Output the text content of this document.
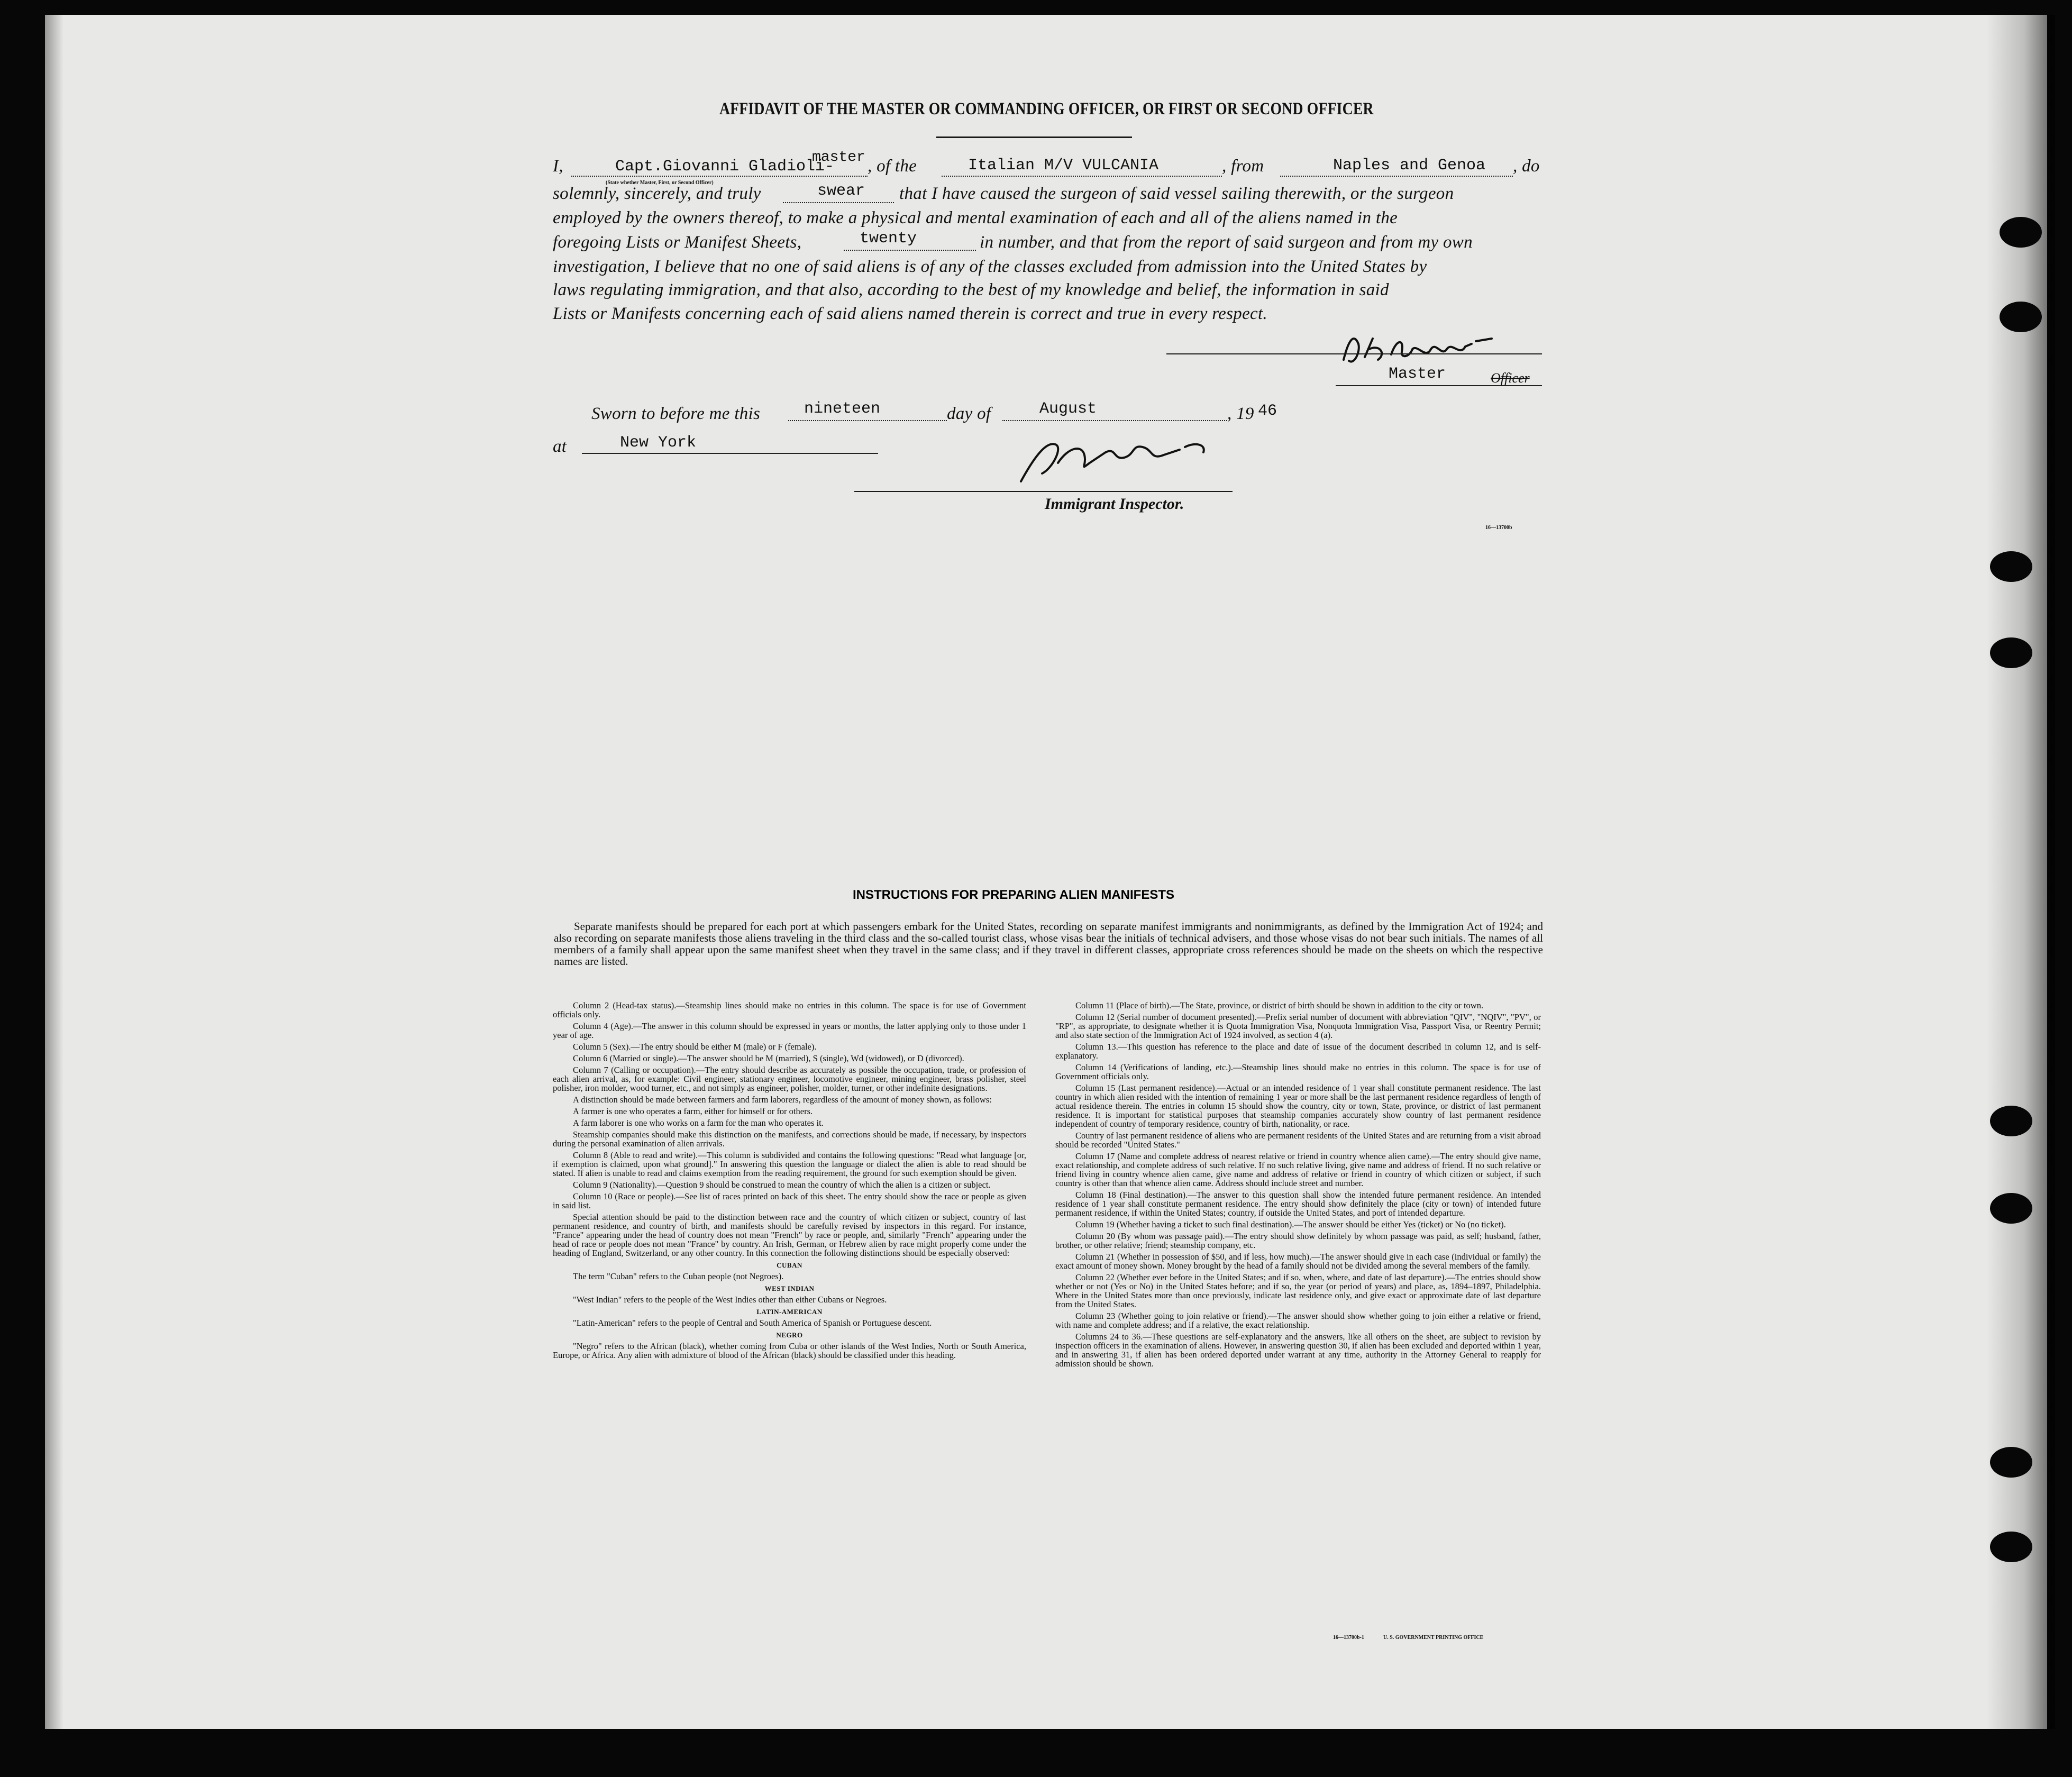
AFFIDAVIT OF THE MASTER OR COMMANDING OFFICER, OR FIRST OR SECOND OFFICER
I,	Capt.Giovanni Gladioli-
master
(State whether Master, First, or Second Officer)
, of the	Italian M/V VULCANIA	, from	Naples and Genoa , do
solemnly, sincerely, and truly	swear that I have caused the surgeon of said vessel sailing therewith, or the surgeon
employed by the owners thereof, to make a physical and mental examination of each and all of the aliens named in the
foregoing Lists or Manifest Sheets,	twenty	in number, and that from the report of said surgeon and from my own
investigation, I believe that no one of said aliens is of any of the classes excluded from admission into the United States by
laws regulating immigration, and that also, according to the best of my knowledge and belief, the information in said
Lists or Manifests concerning each of said aliens named therein is correct and true in every respect.
Master	Officer
Sworn to before me this	nineteen	day of	August	, 19 46
at	New York
Immigrant Inspector.
16—13700b
INSTRUCTIONS FOR PREPARING ALIEN MANIFESTS
Separate manifests should be prepared for each port at which passengers embark for the United States, recording on separate manifest immigrants and nonimmigrants, as defined by the Immigration Act of 1924; and also recording on separate manifests those aliens traveling in the third class and the so-called tourist class, whose visas bear the initials of technical advisers, and those whose visas do not bear such initials. The names of all members of a family shall appear upon the same manifest sheet when they travel in the same class; and if they travel in different classes, appropriate cross references should be made on the sheets on which the respective names are listed.

Column 2 (Head-tax status).—Steamship lines should make no entries in this column. The space is for use of Government officials only.

Column 4 (Age).—The answer in this column should be expressed in years or months, the latter applying only to those under 1 year of age.

Column 5 (Sex).—The entry should be either M (male) or F (female).

Column 6 (Married or single).—The answer should be M (married), S (single), Wd (widowed), or D (divorced).

Column 7 (Calling or occupation).—The entry should describe as accurately as possible the occupation, trade, or profession of each alien arrival, as, for example: Civil engineer, stationary engineer, locomotive engineer, mining engineer, brass polisher, steel polisher, iron molder, wood turner, etc., and not simply as engineer, polisher, molder, turner, or other indefinite designations.

A distinction should be made between farmers and farm laborers, regardless of the amount of money shown, as follows:

A farmer is one who operates a farm, either for himself or for others.

A farm laborer is one who works on a farm for the man who operates it.

Steamship companies should make this distinction on the manifests, and corrections should be made, if necessary, by inspectors during the personal examination of alien arrivals.

Column 8 (Able to read and write).—This column is subdivided and contains the following questions: "Read what language [or, if exemption is claimed, upon what ground]." In answering this question the language or dialect the alien is able to read should be stated. If alien is unable to read and claims exemption from the reading requirement, the ground for such exemption should be given.

Column 9 (Nationality).—Question 9 should be construed to mean the country of which the alien is a citizen or subject.

Column 10 (Race or people).—See list of races printed on back of this sheet. The entry should show the race or people as given in said list.

Special attention should be paid to the distinction between race and the country of which citizen or subject, country of last permanent residence, and country of birth, and manifests should be carefully revised by inspectors in this regard. For instance, "France" appearing under the head of country does not mean "French" by race or people, and, similarly "French" appearing under the head of race or people does not mean "France" by country. An Irish, German, or Hebrew alien by race might properly come under the heading of England, Switzerland, or any other country. In this connection the following distinctions should be especially observed:

CUBAN

The term "Cuban" refers to the Cuban people (not Negroes).

WEST INDIAN

"West Indian" refers to the people of the West Indies other than either Cubans or Negroes.

LATIN-AMERICAN

"Latin-American" refers to the people of Central and South America of Spanish or Portuguese descent.

NEGRO

"Negro" refers to the African (black), whether coming from Cuba or other islands of the West Indies, North or South America, Europe, or Africa. Any alien with admixture of blood of the African (black) should be classified under this heading.

Column 11 (Place of birth).—The State, province, or district of birth should be shown in addition to the city or town.

Column 12 (Serial number of document presented).—Prefix serial number of document with abbreviation "QIV", "NQIV", "PV", or "RP", as appropriate, to designate whether it is Quota Immigration Visa, Nonquota Immigration Visa, Passport Visa, or Reentry Permit; and also state section of the Immigration Act of 1924 involved, as section 4 (a).

Column 13.—This question has reference to the place and date of issue of the document described in column 12, and is self-explanatory.

Column 14 (Verifications of landing, etc.).—Steamship lines should make no entries in this column. The space is for use of Government officials only.

Column 15 (Last permanent residence).—Actual or an intended residence of 1 year shall constitute permanent residence. The last country in which alien resided with the intention of remaining 1 year or more shall be the last permanent residence regardless of length of actual residence therein. The entries in column 15 should show the country, city or town, State, province, or district of last permanent residence. It is important for statistical purposes that steamship companies accurately show country of last permanent residence independent of country of temporary residence, country of birth, nationality, or race.

Country of last permanent residence of aliens who are permanent residents of the United States and are returning from a visit abroad should be recorded "United States."

Column 17 (Name and complete address of nearest relative or friend in country whence alien came).—The entry should give name, exact relationship, and complete address of such relative. If no such relative living, give name and address of friend. If no such relative or friend living in country whence alien came, give name and address of relative or friend in country of which citizen or subject, if such country is other than that whence alien came. Address should include street and number.

Column 18 (Final destination).—The answer to this question shall show the intended future permanent residence. An intended residence of 1 year shall constitute permanent residence. The entry should show definitely the place (city or town) of intended future permanent residence, if within the United States; country, if outside the United States, and port of intended departure.

Column 19 (Whether having a ticket to such final destination).—The answer should be either Yes (ticket) or No (no ticket).

Column 20 (By whom was passage paid).—The entry should show definitely by whom passage was paid, as self; husband, father, brother, or other relative; friend; steamship company, etc.

Column 21 (Whether in possession of $50, and if less, how much).—The answer should give in each case (individual or family) the exact amount of money shown. Money brought by the head of a family should not be divided among the several members of the family.

Column 22 (Whether ever before in the United States; and if so, when, where, and date of last departure).—The entries should show whether or not (Yes or No) in the United States before; and if so, the year (or period of years) and place, as, 1894–1897, Philadelphia. Where in the United States more than once previously, indicate last residence only, and give exact or approximate date of last departure from the United States.

Column 23 (Whether going to join relative or friend).—The answer should show whether going to join either a relative or friend, with name and complete address; and if a relative, the exact relationship.

Columns 24 to 36.—These questions are self-explanatory and the answers, like all others on the sheet, are subject to revision by inspection officers in the examination of aliens. However, in answering question 30, if alien has been excluded and deported within 1 year, and in answering 31, if alien has been ordered deported under warrant at any time, authority in the Attorney General to reapply for admission should be shown.

16—13700b-1	U. S. GOVERNMENT PRINTING OFFICE
